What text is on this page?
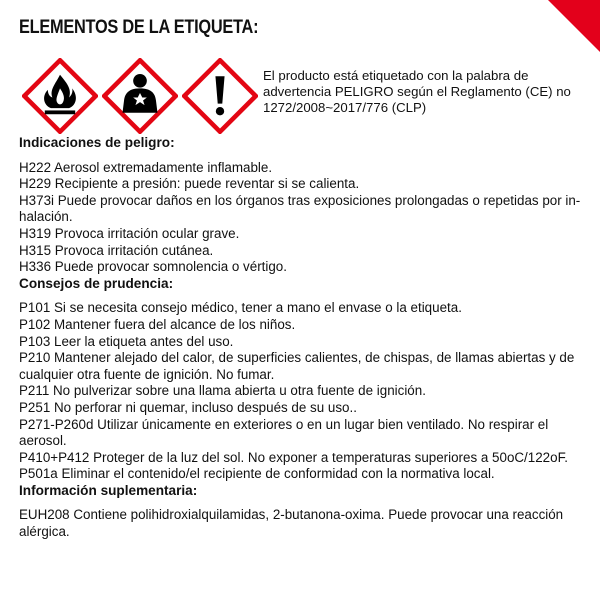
ELEMENTOS DE LA ETIQUETA:
El producto está etiquetado con la palabra de advertencia PELIGRO según el Reglamento (CE) no 1272/2008~2017/776 (CLP)
Indicaciones de peligro:

H222 Aerosol extremadamente inflamable.

H229 Recipiente a presión: puede reventar si se calienta.

H373i Puede provocar daños en los órganos tras exposiciones prolongadas o repetidas por in-halación.

H319 Provoca irritación ocular grave.

H315 Provoca irritación cutánea.

H336 Puede provocar somnolencia o vértigo.

Consejos de prudencia:

P101 Si se necesita consejo médico, tener a mano el envase o la etiqueta.

P102 Mantener fuera del alcance de los niños.

P103 Leer la etiqueta antes del uso.

P210 Mantener alejado del calor, de superficies calientes, de chispas, de llamas abiertas y de cualquier otra fuente de ignición. No fumar.

P211 No pulverizar sobre una llama abierta u otra fuente de ignición.

P251 No perforar ni quemar, incluso después de su uso..

P271-P260d Utilizar únicamente en exteriores o en un lugar bien ventilado. No respirar el aerosol.

P410+P412 Proteger de la luz del sol. No exponer a temperaturas superiores a 50oC/122oF.

P501a Eliminar el contenido/el recipiente de conformidad con la normativa local.

Información suplementaria:

EUH208 Contiene polihidroxialquilamidas, 2-butanona-oxima. Puede provocar una reacción alérgica.
